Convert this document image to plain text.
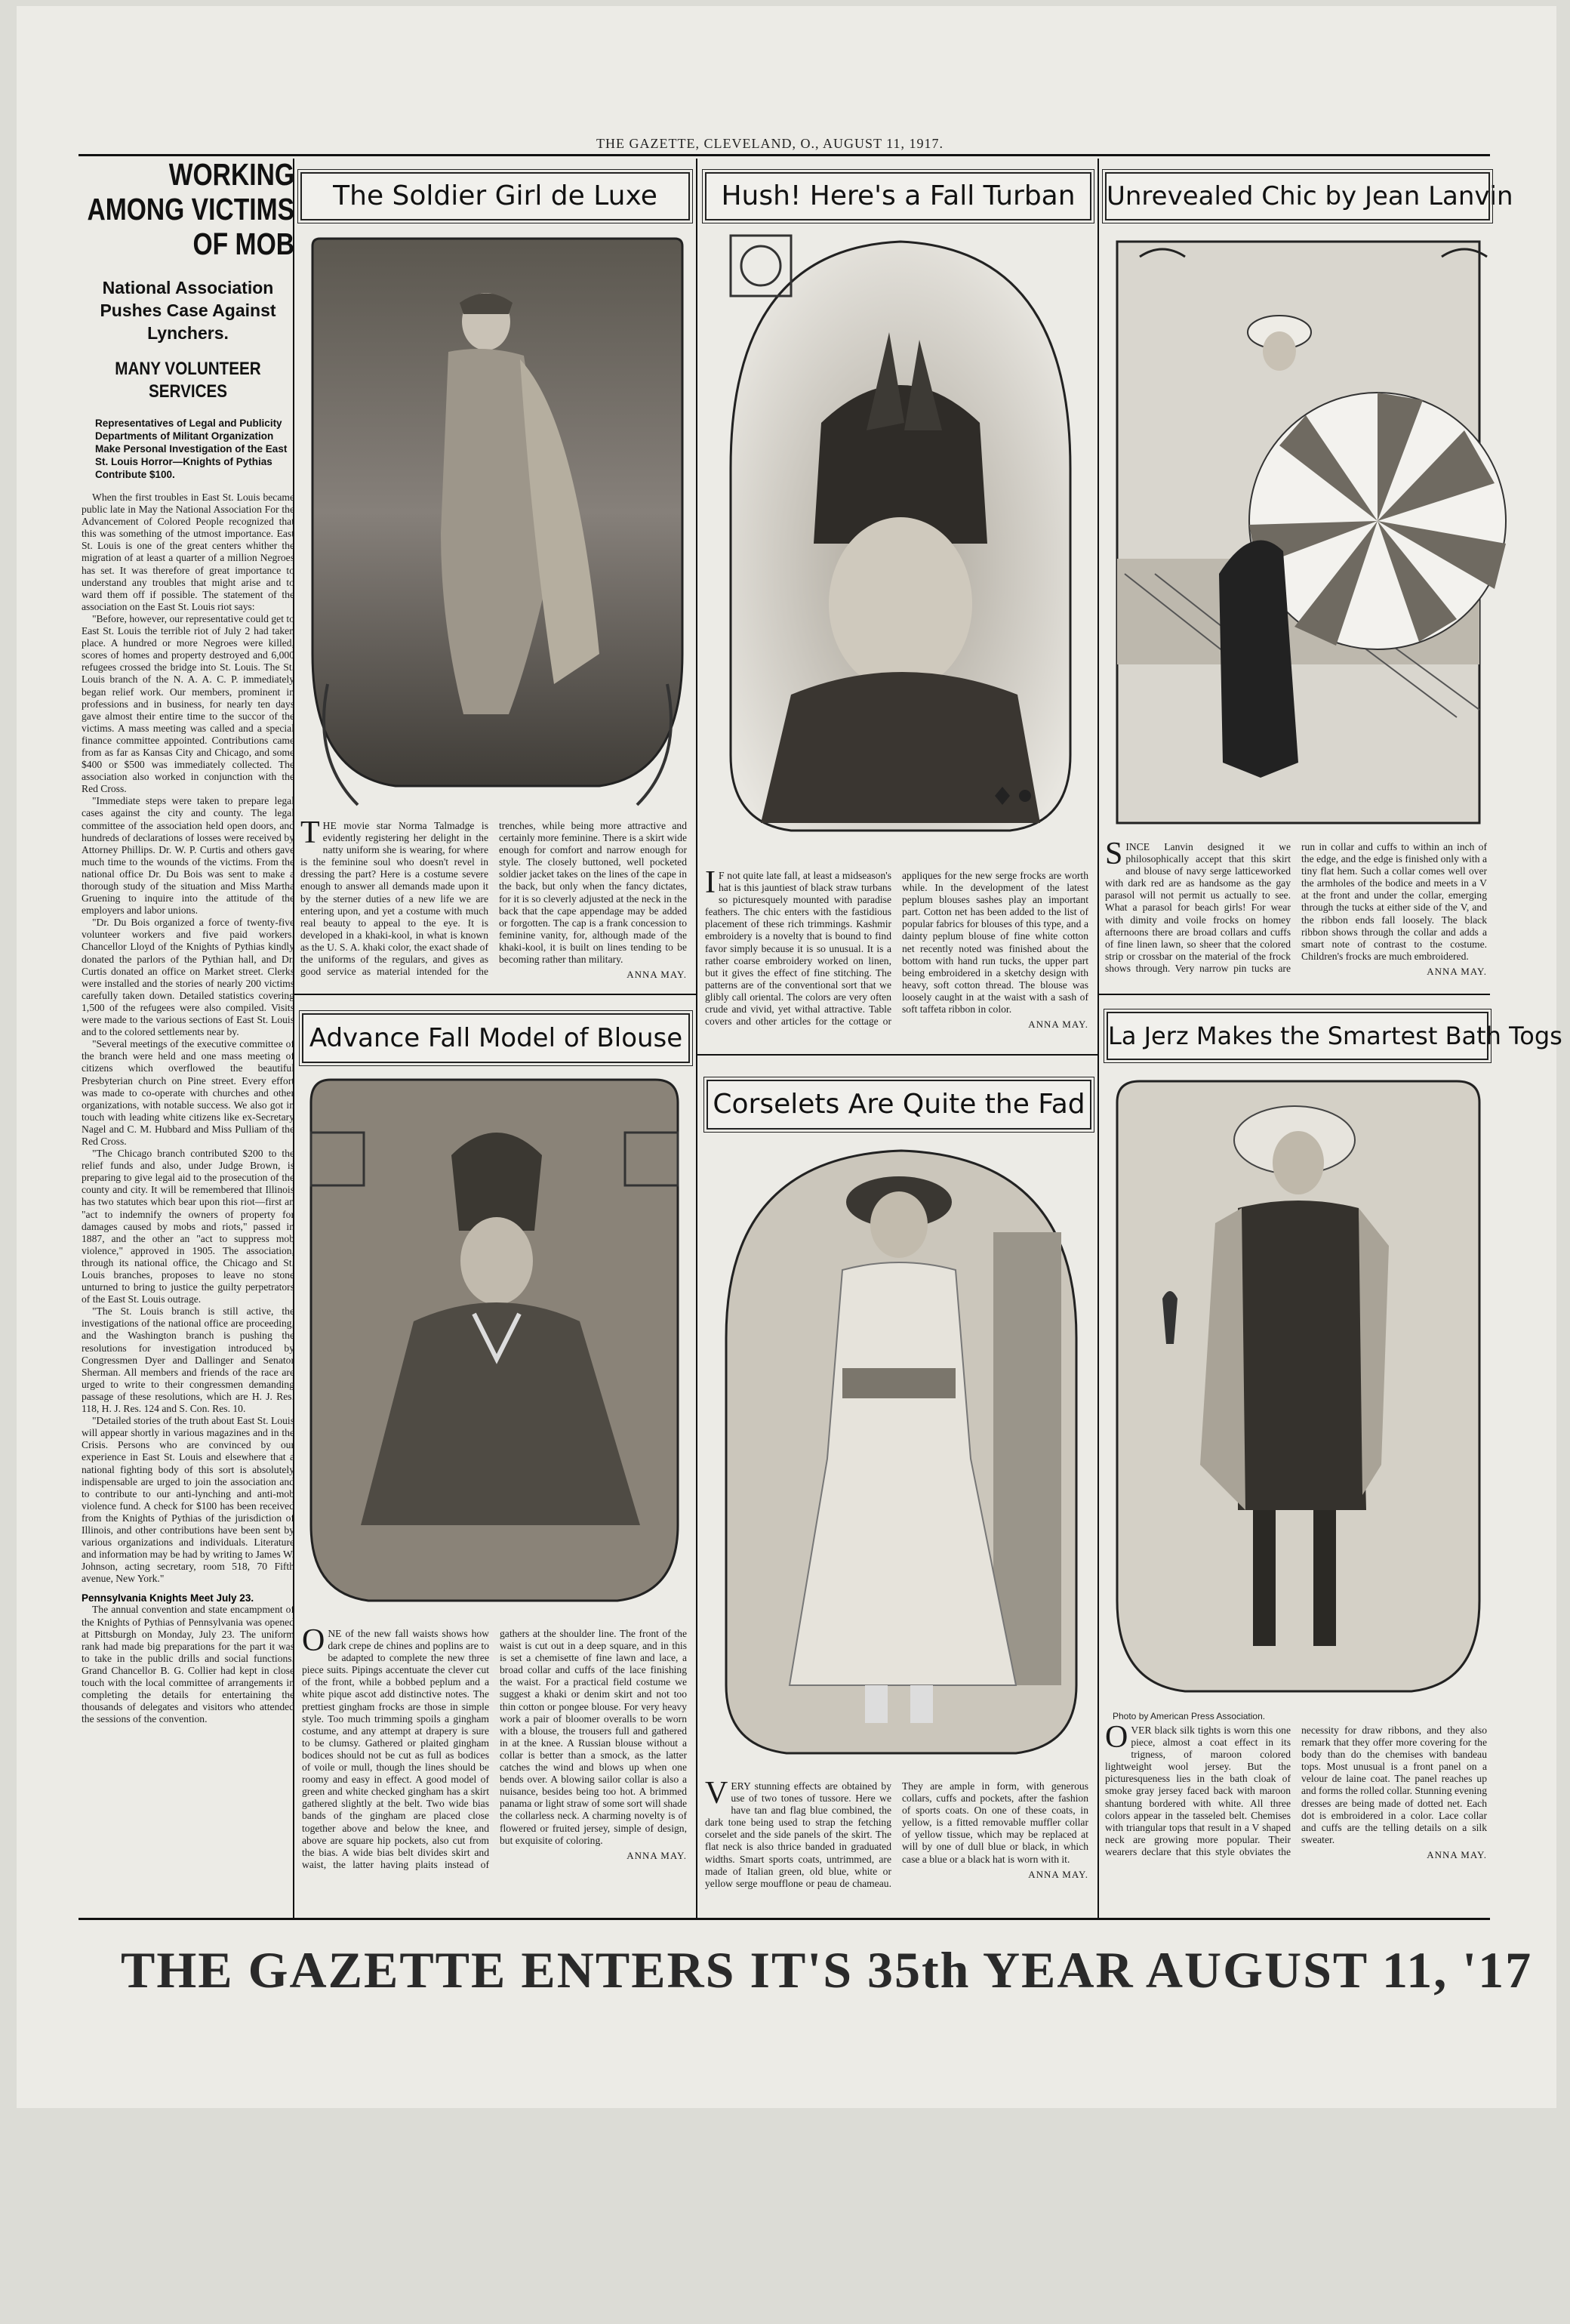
THE GAZETTE, CLEVELAND, O., AUGUST 11, 1917.
WORKING AMONG VICTIMS OF MOB
National Association Pushes Case Against Lynchers.
MANY VOLUNTEER SERVICES
Representatives of Legal and Publicity Departments of Militant Organization Make Personal Investigation of the East St. Louis Horror—Knights of Pythias Contribute $100.

When the first troubles in East St. Louis became public late in May the National Association For the Advancement of Colored People recognized that this was something of the utmost importance. East St. Louis is one of the great centers whither the migration of at least a quarter of a million Negroes has set. It was therefore of great importance to understand any troubles that might arise and to ward them off if possible. The statement of the association on the East St. Louis riot says:

"Before, however, our representative could get to East St. Louis the terrible riot of July 2 had taken place. A hundred or more Negroes were killed, scores of homes and property destroyed and 6,000 refugees crossed the bridge into St. Louis. The St. Louis branch of the N. A. A. C. P. immediately began relief work. Our members, prominent in professions and in business, for nearly ten days gave almost their entire time to the succor of the victims. A mass meeting was called and a special finance committee appointed. Contributions came from as far as Kansas City and Chicago, and some $400 or $500 was immediately collected. The association also worked in conjunction with the Red Cross.

"Immediate steps were taken to prepare legal cases against the city and county. The legal committee of the association held open doors, and hundreds of declarations of losses were received by Attorney Phillips. Dr. W. P. Curtis and others gave much time to the wounds of the victims. From the national office Dr. Du Bois was sent to make a thorough study of the situation and Miss Martha Gruening to inquire into the attitude of the employers and labor unions.

"Dr. Du Bois organized a force of twenty-five volunteer workers and five paid workers. Chancellor Lloyd of the Knights of Pythias kindly donated the parlors of the Pythian hall, and Dr. Curtis donated an office on Market street. Clerks were installed and the stories of nearly 200 victims carefully taken down. Detailed statistics covering 1,500 of the refugees were also compiled. Visits were made to the various sections of East St. Louis and to the colored settlements near by.

"Several meetings of the executive committee of the branch were held and one mass meeting of citizens which overflowed the beautiful Presbyterian church on Pine street. Every effort was made to co-operate with churches and other organizations, with notable success. We also got in touch with leading white citizens like ex-Secretary Nagel and C. M. Hubbard and Miss Pulliam of the Red Cross.

"The Chicago branch contributed $200 to the relief funds and also, under Judge Brown, is preparing to give legal aid to the prosecution of the county and city. It will be remembered that Illinois has two statutes which bear upon this riot—first an "act to indemnify the owners of property for damages caused by mobs and riots," passed in 1887, and the other an "act to suppress mob violence," approved in 1905. The association, through its national office, the Chicago and St. Louis branches, proposes to leave no stone unturned to bring to justice the guilty perpetrators of the East St. Louis outrage.

"The St. Louis branch is still active, the investigations of the national office are proceeding, and the Washington branch is pushing the resolutions for investigation introduced by Congressmen Dyer and Dallinger and Senator Sherman. All members and friends of the race are urged to write to their congressmen demanding passage of these resolutions, which are H. J. Res. 118, H. J. Res. 124 and S. Con. Res. 10.

"Detailed stories of the truth about East St. Louis will appear shortly in various magazines and in the Crisis. Persons who are convinced by our experience in East St. Louis and elsewhere that a national fighting body of this sort is absolutely indispensable are urged to join the association and to contribute to our anti-lynching and anti-mob violence fund. A check for $100 has been received from the Knights of Pythias of the jurisdiction of Illinois, and other contributions have been sent by various organizations and individuals. Literature and information may be had by writing to James W. Johnson, acting secretary, room 518, 70 Fifth avenue, New York."

Pennsylvania Knights Meet July 23.

The annual convention and state encampment of the Knights of Pythias of Pennsylvania was opened at Pittsburgh on Monday, July 23. The uniform rank had made big preparations for the part it was to take in the public drills and social functions. Grand Chancellor B. G. Collier had kept in close touch with the local committee of arrangements in completing the details for entertaining the thousands of delegates and visitors who attended the sessions of the convention.

The Soldier Girl de Luxe
THE movie star Norma Talmadge is evidently registering her delight in the natty uniform she is wearing, for where is the feminine soul who doesn't revel in dressing the part? Here is a costume severe enough to answer all demands made upon it by the sterner duties of a new life we are entering upon, and yet a costume with much real beauty to appeal to the eye. It is developed in a khaki-kool, in what is known as the U. S. A. khaki color, the exact shade of the uniforms of the regulars, and gives as good service as material intended for the trenches, while being more attractive and certainly more feminine. There is a skirt wide enough for comfort and narrow enough for style. The closely buttoned, well pocketed soldier jacket takes on the lines of the cape in the back, but only when the fancy dictates, for it is so cleverly adjusted at the neck in the back that the cape appendage may be added or forgotten. The cap is a frank concession to feminine vanity, for, although made of the khaki-kool, it is built on lines tending to be becoming rather than military.
ANNA MAY.
Hush! Here's a Fall Turban
I F not quite late fall, at least a midseason's hat is this jauntiest of black straw turbans so picturesquely mounted with paradise feathers. The chic enters with the fastidious placement of these rich trimmings. Kashmir embroidery is a novelty that is bound to find favor simply because it is so unusual. It is a rather coarse embroidery worked on linen, but it gives the effect of fine stitching. The patterns are of the conventional sort that we glibly call oriental. The colors are very often crude and vivid, yet withal attractive. Table covers and other articles for the cottage or appliques for the new serge frocks are worth while. In the development of the latest peplum blouses sashes play an important part. Cotton net has been added to the list of popular fabrics for blouses of this type, and a dainty peplum blouse of fine white cotton net recently noted was finished about the bottom with hand run tucks, the upper part being embroidered in a sketchy design with heavy, soft cotton thread. The blouse was loosely caught in at the waist with a sash of soft taffeta ribbon in color.
ANNA MAY.
Unrevealed Chic by Jean Lanvin
SINCE Lanvin designed it we philosophically accept that this skirt and blouse of navy serge latticeworked with dark red are as handsome as the gay parasol will not permit us actually to see. What a parasol for beach girls! For wear with dimity and voile frocks on homey afternoons there are broad collars and cuffs of fine linen lawn, so sheer that the colored strip or crossbar on the material of the frock shows through. Very narrow pin tucks are run in collar and cuffs to within an inch of the edge, and the edge is finished only with a tiny flat hem. Such a collar comes well over the armholes of the bodice and meets in a V at the front and under the collar, emerging through the tucks at either side of the V, and the ribbon ends fall loosely. The black ribbon shows through the collar and adds a smart note of contrast to the costume. Children's frocks are much embroidered.
ANNA MAY.
Advance Fall Model of Blouse
ONE of the new fall waists shows how dark crepe de chines and poplins are to be adapted to complete the new three piece suits. Pipings accentuate the clever cut of the front, while a bobbed peplum and a white pique ascot add distinctive notes. The prettiest gingham frocks are those in simple style. Too much trimming spoils a gingham costume, and any attempt at drapery is sure to be clumsy. Gathered or plaited gingham bodices should not be cut as full as bodices of voile or mull, though the lines should be roomy and easy in effect. A good model of green and white checked gingham has a skirt gathered slightly at the belt. Two wide bias bands of the gingham are placed close together above and below the knee, and above are square hip pockets, also cut from the bias. A wide bias belt divides skirt and waist, the latter having plaits instead of gathers at the shoulder line. The front of the waist is cut out in a deep square, and in this is set a chemisette of fine lawn and lace, a broad collar and cuffs of the lace finishing the waist. For a practical field costume we suggest a khaki or denim skirt and not too thin cotton or pongee blouse. For very heavy work a pair of bloomer overalls to be worn with a blouse, the trousers full and gathered in at the knee. A Russian blouse without a collar is better than a smock, as the latter catches the wind and blows up when one bends over. A blowing sailor collar is also a nuisance, besides being too hot. A brimmed panama or light straw of some sort will shade the collarless neck. A charming novelty is of flowered or fruited jersey, simple of design, but exquisite of coloring.
ANNA MAY.
Corselets Are Quite the Fad
VERY stunning effects are obtained by use of two tones of tussore. Here we have tan and flag blue combined, the dark tone being used to strap the fetching corselet and the side panels of the skirt. The flat neck is also thrice banded in graduated widths. Smart sports coats, untrimmed, are made of Italian green, old blue, white or yellow serge moufflone or peau de chameau. They are ample in form, with generous collars, cuffs and pockets, after the fashion of sports coats. On one of these coats, in yellow, is a fitted removable muffler collar of yellow tissue, which may be replaced at will by one of dull blue or black, in which case a blue or a black hat is worn with it.
ANNA MAY.
La Jerz Makes the Smartest Bath Togs
Photo by American Press Association.
OVER black silk tights is worn this one piece, almost a coat effect in its trigness, of maroon colored lightweight wool jersey. But the picturesqueness lies in the bath cloak of smoke gray jersey faced back with maroon shantung bordered with white. All three colors appear in the tasseled belt. Chemises with triangular tops that result in a V shaped neck are growing more popular. Their wearers declare that this style obviates the necessity for draw ribbons, and they also remark that they offer more covering for the body than do the chemises with bandeau tops. Most unusual is a front panel on a velour de laine coat. The panel reaches up and forms the rolled collar. Stunning evening dresses are being made of dotted net. Each dot is embroidered in a color. Lace collar and cuffs are the telling details on a silk sweater.
ANNA MAY.
THE GAZETTE ENTERS IT'S 35th YEAR AUGUST 11, '17
